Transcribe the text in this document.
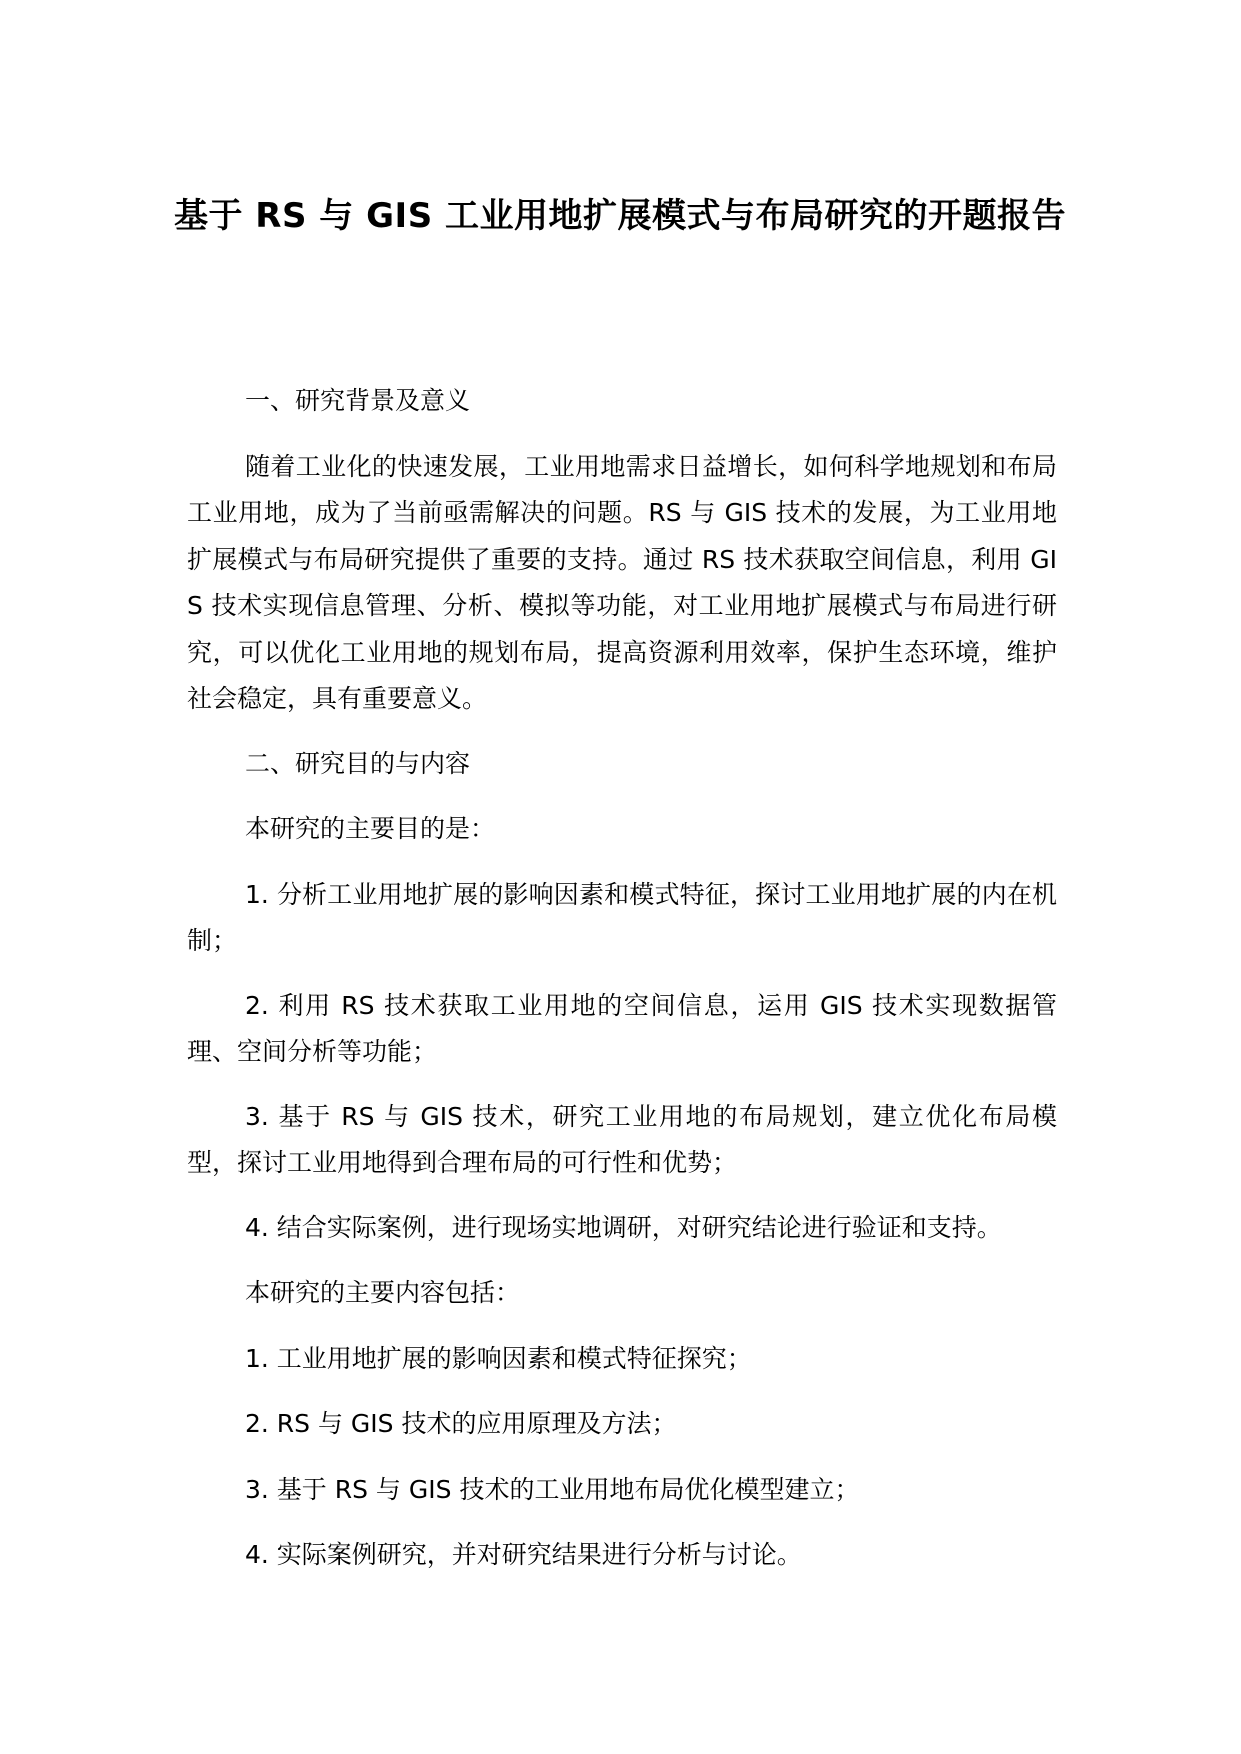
基于 RS 与 GIS 工业用地扩展模式与布局研究的开题报告

一、研究背景及意义

随着工业化的快速发展，工业用地需求日益增长，如何科学地规划和布局工业用地，成为了当前亟需解决的问题。RS 与 GIS 技术的发展，为工业用地扩展模式与布局研究提供了重要的支持。通过 RS 技术获取空间信息，利用 GIS 技术实现信息管理、分析、模拟等功能，对工业用地扩展模式与布局进行研究，可以优化工业用地的规划布局，提高资源利用效率，保护生态环境，维护社会稳定，具有重要意义。

二、研究目的与内容

本研究的主要目的是：

1. 分析工业用地扩展的影响因素和模式特征，探讨工业用地扩展的内在机制；

2. 利用 RS 技术获取工业用地的空间信息，运用 GIS 技术实现数据管理、空间分析等功能；

3. 基于 RS 与 GIS 技术，研究工业用地的布局规划，建立优化布局模型，探讨工业用地得到合理布局的可行性和优势；

4. 结合实际案例，进行现场实地调研，对研究结论进行验证和支持。

本研究的主要内容包括：

1. 工业用地扩展的影响因素和模式特征探究；

2. RS 与 GIS 技术的应用原理及方法；

3. 基于 RS 与 GIS 技术的工业用地布局优化模型建立；

4. 实际案例研究，并对研究结果进行分析与讨论。
